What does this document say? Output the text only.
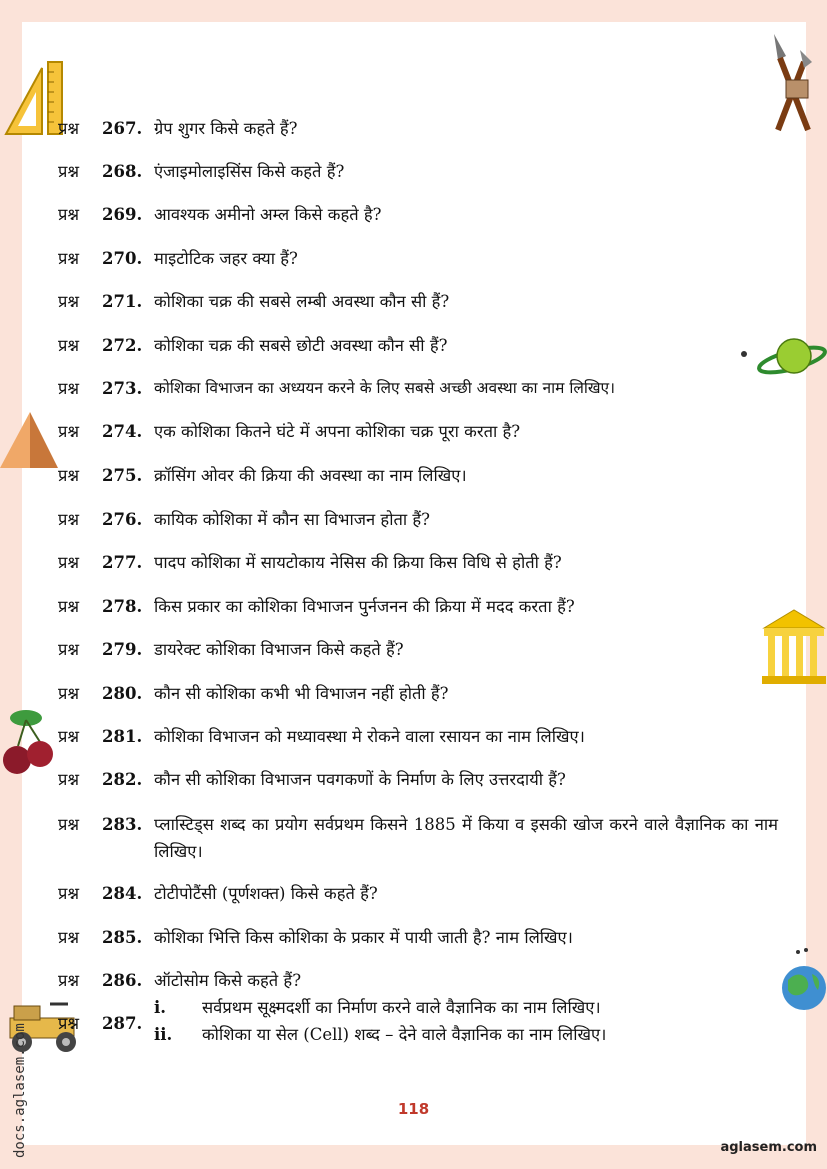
प्रश्न 267. ग्रेप शुगर किसे कहते हैं?
प्रश्न 268. एंजाइमोलाइसिंस किसे कहते हैं?
प्रश्न 269. आवश्यक अमीनो अम्ल किसे कहते है?
प्रश्न 270. माइटोटिक जहर क्या हैं?
प्रश्न 271. कोशिका चक्र की सबसे लम्बी अवस्था कौन सी हैं?
प्रश्न 272. कोशिका चक्र की सबसे छोटी अवस्था कौन सी हैं?
प्रश्न 273. कोशिका विभाजन का अध्ययन करने के लिए सबसे अच्छी अवस्था का नाम लिखिए।
प्रश्न 274. एक कोशिका कितने घंटे में अपना कोशिका चक्र पूरा करता है?
प्रश्न 275. क्रॉसिंग ओवर की क्रिया की अवस्था का नाम लिखिए।
प्रश्न 276. कायिक कोशिका में कौन सा विभाजन होता हैं?
प्रश्न 277. पादप कोशिका में सायटोकाय नेसिस की क्रिया किस विधि से होती हैं?
प्रश्न 278. किस प्रकार का कोशिका विभाजन पुर्नजनन की क्रिया में मदद करता हैं?
प्रश्न 279. डायरेक्ट कोशिका विभाजन किसे कहते हैं?
प्रश्न 280. कौन सी कोशिका कभी भी विभाजन नहीं होती हैं?
प्रश्न 281. कोशिका विभाजन को मध्यावस्था मे रोकने वाला रसायन का नाम लिखिए।
प्रश्न 282. कौन सी कोशिका विभाजन पवगकणों के निर्माण के लिए उत्तरदायी हैं?
प्रश्न 283. प्लास्टिड्स शब्द का प्रयोग सर्वप्रथम किसने 1885 में किया व इसकी खोज करने वाले वैज्ञानिक का नाम लिखिए।
प्रश्न 284. टोटीपोटैंसी (पूर्णशक्त) किसे कहते हैं?
प्रश्न 285. कोशिका भित्ति किस कोशिका के प्रकार में पायी जाती है? नाम लिखिए।
प्रश्न 286. ऑटोसोम किसे कहते हैं?
प्रश्न 287.
i. सर्वप्रथम सूक्ष्मदर्शी का निर्माण करने वाले वैज्ञानिक का नाम लिखिए।
ii. कोशिका या सेल (Cell) शब्द – देने वाले वैज्ञानिक का नाम लिखिए।
118
aglasem.com
docs.aglasem.com
